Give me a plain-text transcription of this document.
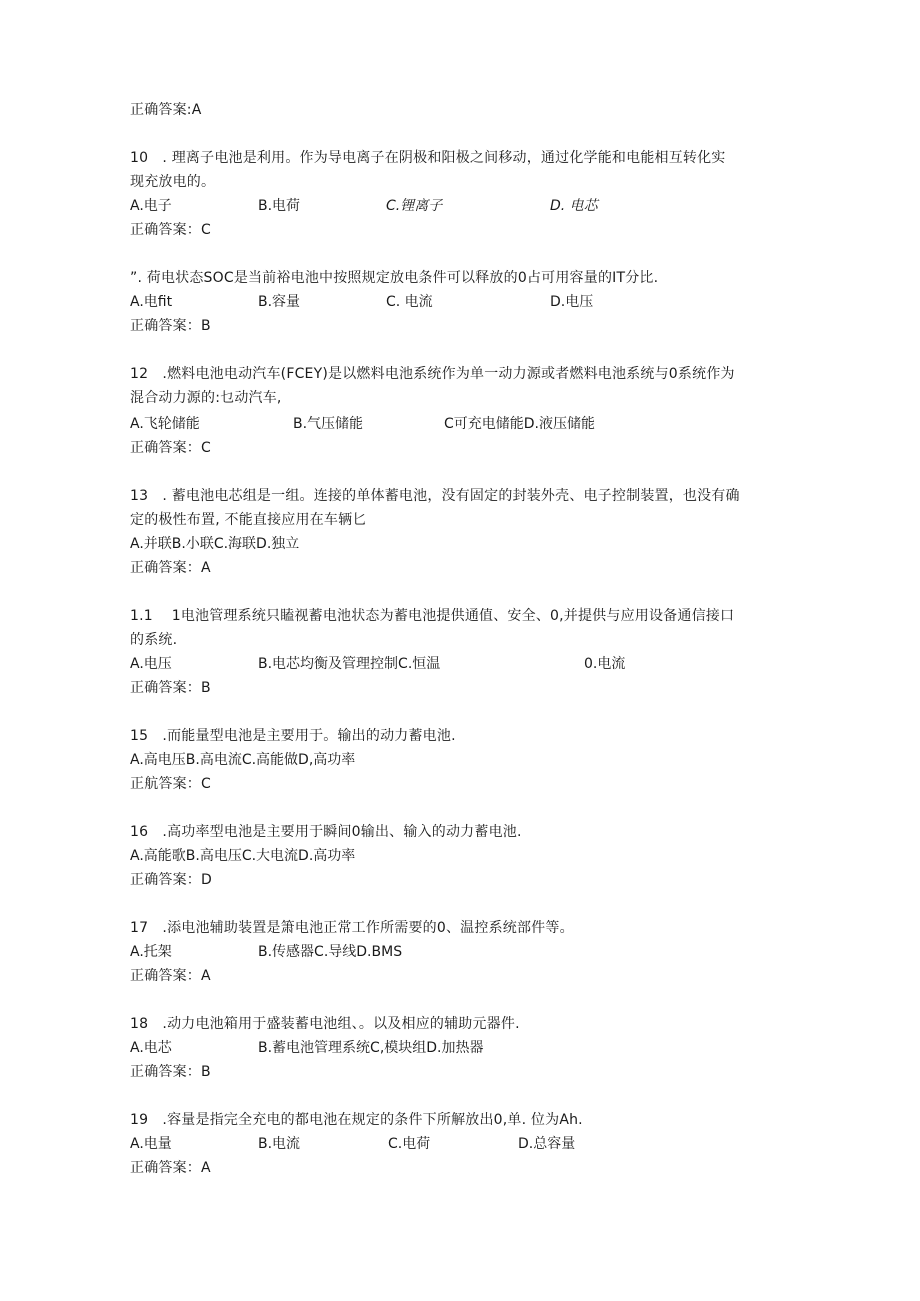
正确答案:A
10　. 理离子电池是利用。作为导电离子在阴极和阳极之间移动，通过化学能和电能相互转化实
现充放电的。
A.电子	B.电荷	C.锂离子	D. 电芯
正确答案：C
”. 荷电状态SOC是当前裕电池中按照规定放电条件可以释放的0占可用容量的IT分比.
A.电fit	B.容量	C. 电流	D.电压
正确答案：B
12　.燃料电池电动汽车(FCEY)是以燃料电池系统作为单一动力源或者燃料电池系统与0系统作为
混合动力源的:乜动汽车,
A.飞轮储能	B.气压储能	C可充电储能D.液压储能
正确答案：C
13　. 蓄电池电芯组是一组。连接的单体蓄电池，没有固定的封装外壳、电子控制装置，也没有确
定的极性布置, 不能直接应用在车辆匕
A.并联B.小联C.海联D.独立
正确答案：A
1.1　 1电池管理系统只瞌视蓄电池状态为蓄电池提供通值、安全、0,并提供与应用设备通信接口
的系统.
A.电压	B.电芯均衡及管理控制C.恒温	0.电流
正确答案：B
15　.而能量型电池是主要用于。输出的动力蓄电池.
A.高电压B.高电流C.高能做D,高功率
正航答案：C
16　.高功率型电池是主要用于瞬间0输出、输入的动力蓄电池.
A.高能歌B.高电压C.大电流D.高功率
正确答案：D
17　.添电池辅助装置是箫电池正常工作所需要的0、温控系统部件等。
A.托架	B.传感器C.导线D.BMS
正确答案：A
18　.动力电池箱用于盛装蓄电池组、。以及相应的辅助元器件.
A.电芯	B.蓄电池管理系统C,模块组D.加热器
正确答案：B
19　.容量是指完全充电的都电池在规定的条件下所解放出0,单. 位为Ah.
A.电量	B.电流	C.电荷	D.总容量
正确答案：A
